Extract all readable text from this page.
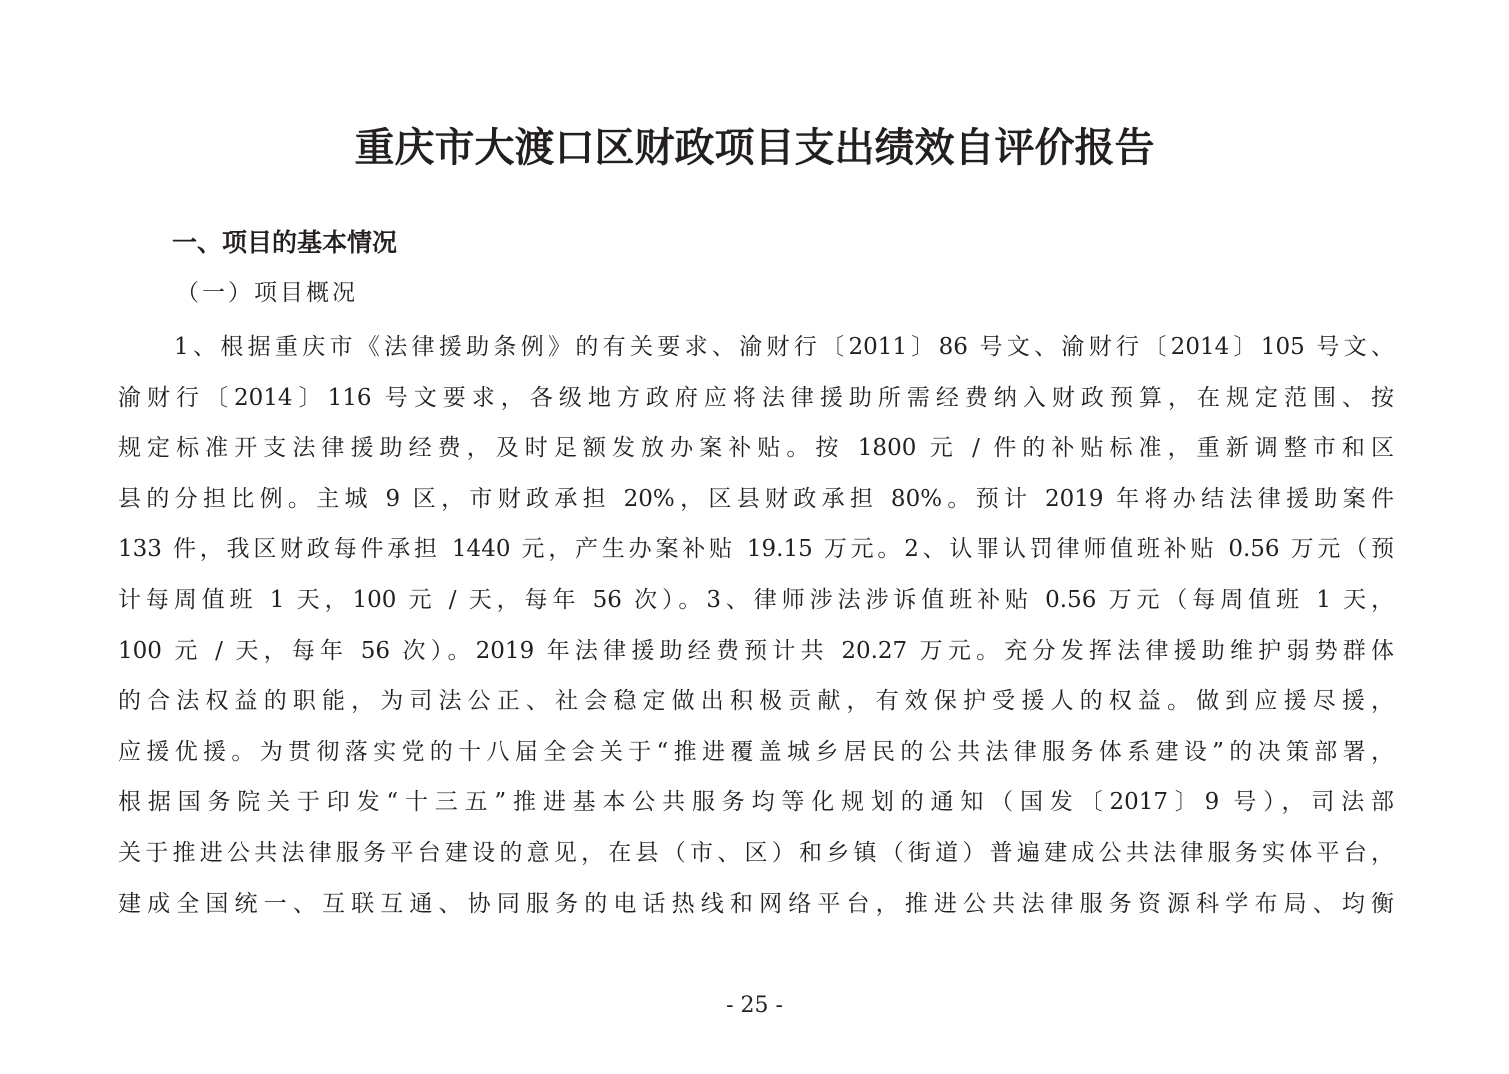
重庆市大渡口区财政项目支出绩效自评价报告
一、项目的基本情况
（一）项目概况
1、根据重庆市《法律援助条例》的有关要求、渝财行〔2011〕86 号文、渝财行〔2014〕105 号文、
渝财行〔2014〕116 号文要求，各级地方政府应将法律援助所需经费纳入财政预算，在规定范围、按
规定标准开支法律援助经费，及时足额发放办案补贴。按 1800 元 / 件的补贴标准，重新调整市和区
县的分担比例。主城 9 区，市财政承担 20%，区县财政承担 80%。预计 2019 年将办结法律援助案件
133 件，我区财政每件承担 1440 元，产生办案补贴 19.15 万元。2、认罪认罚律师值班补贴 0.56 万元（预
计每周值班 1 天，100 元 / 天，每年 56 次）。3、律师涉法涉诉值班补贴 0.56 万元（每周值班 1 天，
100 元 / 天，每年 56 次）。2019 年法律援助经费预计共 20.27 万元。充分发挥法律援助维护弱势群体
的合法权益的职能，为司法公正、社会稳定做出积极贡献，有效保护受援人的权益。做到应援尽援，
应援优援。为贯彻落实党的十八届全会关于“推进覆盖城乡居民的公共法律服务体系建设”的决策部署，
根据国务院关于印发“十三五”推进基本公共服务均等化规划的通知（国发〔2017〕9 号），司法部
关于推进公共法律服务平台建设的意见，在县（市、区）和乡镇（街道）普遍建成公共法律服务实体平台，
建成全国统一、互联互通、协同服务的电话热线和网络平台，推进公共法律服务资源科学布局、均衡
- 25 -
